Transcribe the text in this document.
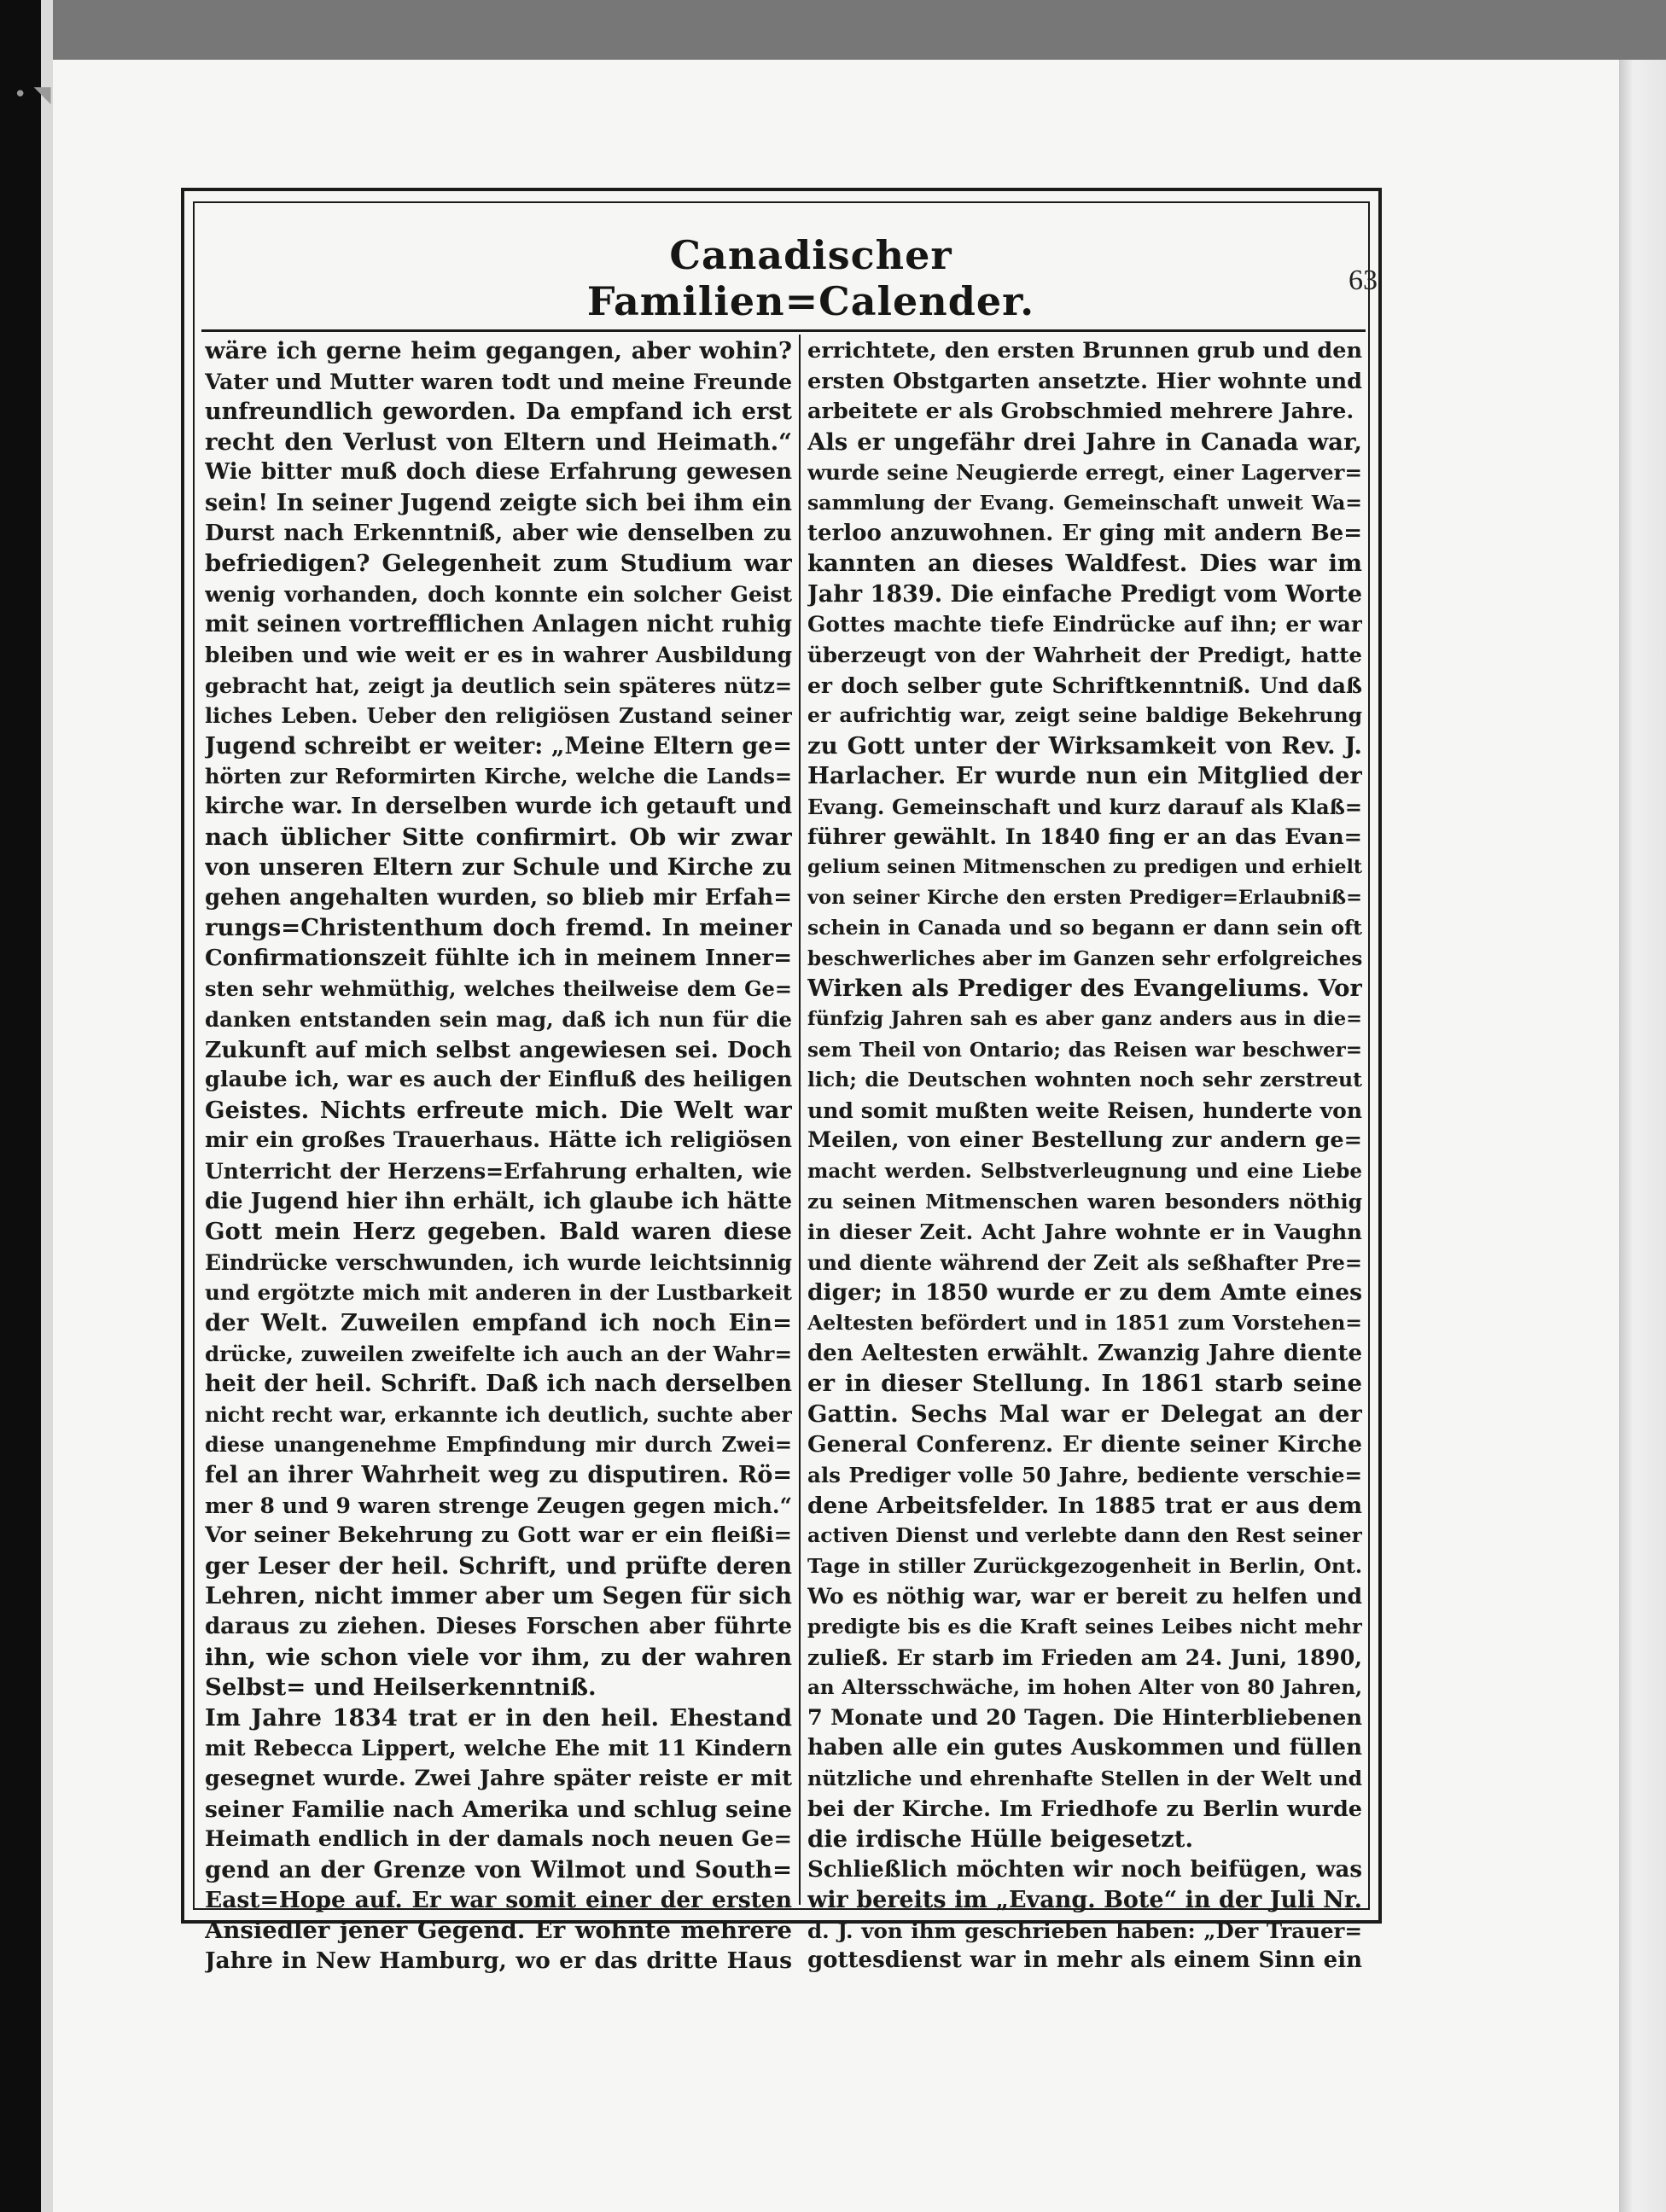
• ◥
Canadischer Familien=Calender.	63
wäre ich gerne heim gegangen, aber wohin?
Vater und Mutter waren todt und meine Freunde
unfreundlich geworden. Da empfand ich erst
recht den Verlust von Eltern und Heimath.“
Wie bitter muß doch diese Erfahrung gewesen
sein! In seiner Jugend zeigte sich bei ihm ein
Durst nach Erkenntniß, aber wie denselben zu
befriedigen? Gelegenheit zum Studium war
wenig vorhanden, doch konnte ein solcher Geist
mit seinen vortrefflichen Anlagen nicht ruhig
bleiben und wie weit er es in wahrer Ausbildung
gebracht hat, zeigt ja deutlich sein späteres nütz=
liches Leben. Ueber den religiösen Zustand seiner
Jugend schreibt er weiter: „Meine Eltern ge=
hörten zur Reformirten Kirche, welche die Lands=
kirche war. In derselben wurde ich getauft und
nach üblicher Sitte confirmirt. Ob wir zwar
von unseren Eltern zur Schule und Kirche zu
gehen angehalten wurden, so blieb mir Erfah=
rungs=Christenthum doch fremd. In meiner
Confirmationszeit fühlte ich in meinem Inner=
sten sehr wehmüthig, welches theilweise dem Ge=
danken entstanden sein mag, daß ich nun für die
Zukunft auf mich selbst angewiesen sei. Doch
glaube ich, war es auch der Einfluß des heiligen
Geistes. Nichts erfreute mich. Die Welt war
mir ein großes Trauerhaus. Hätte ich religiösen
Unterricht der Herzens=Erfahrung erhalten, wie
die Jugend hier ihn erhält, ich glaube ich hätte
Gott mein Herz gegeben. Bald waren diese
Eindrücke verschwunden, ich wurde leichtsinnig
und ergötzte mich mit anderen in der Lustbarkeit
der Welt. Zuweilen empfand ich noch Ein=
drücke, zuweilen zweifelte ich auch an der Wahr=
heit der heil. Schrift. Daß ich nach derselben
nicht recht war, erkannte ich deutlich, suchte aber
diese unangenehme Empfindung mir durch Zwei=
fel an ihrer Wahrheit weg zu disputiren. Rö=
mer 8 und 9 waren strenge Zeugen gegen mich.“
Vor seiner Bekehrung zu Gott war er ein fleißi=
ger Leser der heil. Schrift, und prüfte deren
Lehren, nicht immer aber um Segen für sich
daraus zu ziehen. Dieses Forschen aber führte
ihn, wie schon viele vor ihm, zu der wahren
Selbst= und Heilserkenntniß.
Im Jahre 1834 trat er in den heil. Ehestand
mit Rebecca Lippert, welche Ehe mit 11 Kindern
gesegnet wurde. Zwei Jahre später reiste er mit
seiner Familie nach Amerika und schlug seine
Heimath endlich in der damals noch neuen Ge=
gend an der Grenze von Wilmot und South=
East=Hope auf. Er war somit einer der ersten
Ansiedler jener Gegend. Er wohnte mehrere
Jahre in New Hamburg, wo er das dritte Haus
errichtete, den ersten Brunnen grub und den
ersten Obstgarten ansetzte. Hier wohnte und
arbeitete er als Grobschmied mehrere Jahre.
Als er ungefähr drei Jahre in Canada war,
wurde seine Neugierde erregt, einer Lagerver=
sammlung der Evang. Gemeinschaft unweit Wa=
terloo anzuwohnen. Er ging mit andern Be=
kannten an dieses Waldfest. Dies war im
Jahr 1839. Die einfache Predigt vom Worte
Gottes machte tiefe Eindrücke auf ihn; er war
überzeugt von der Wahrheit der Predigt, hatte
er doch selber gute Schriftkenntniß. Und daß
er aufrichtig war, zeigt seine baldige Bekehrung
zu Gott unter der Wirksamkeit von Rev. J.
Harlacher. Er wurde nun ein Mitglied der
Evang. Gemeinschaft und kurz darauf als Klaß=
führer gewählt. In 1840 fing er an das Evan=
gelium seinen Mitmenschen zu predigen und erhielt
von seiner Kirche den ersten Prediger=Erlaubniß=
schein in Canada und so begann er dann sein oft
beschwerliches aber im Ganzen sehr erfolgreiches
Wirken als Prediger des Evangeliums. Vor
fünfzig Jahren sah es aber ganz anders aus in die=
sem Theil von Ontario; das Reisen war beschwer=
lich; die Deutschen wohnten noch sehr zerstreut
und somit mußten weite Reisen, hunderte von
Meilen, von einer Bestellung zur andern ge=
macht werden. Selbstverleugnung und eine Liebe
zu seinen Mitmenschen waren besonders nöthig
in dieser Zeit. Acht Jahre wohnte er in Vaughn
und diente während der Zeit als seßhafter Pre=
diger; in 1850 wurde er zu dem Amte eines
Aeltesten befördert und in 1851 zum Vorstehen=
den Aeltesten erwählt. Zwanzig Jahre diente
er in dieser Stellung. In 1861 starb seine
Gattin. Sechs Mal war er Delegat an der
General Conferenz. Er diente seiner Kirche
als Prediger volle 50 Jahre, bediente verschie=
dene Arbeitsfelder. In 1885 trat er aus dem
activen Dienst und verlebte dann den Rest seiner
Tage in stiller Zurückgezogenheit in Berlin, Ont.
Wo es nöthig war, war er bereit zu helfen und
predigte bis es die Kraft seines Leibes nicht mehr
zuließ. Er starb im Frieden am 24. Juni, 1890,
an Altersschwäche, im hohen Alter von 80 Jahren,
7 Monate und 20 Tagen. Die Hinterbliebenen
haben alle ein gutes Auskommen und füllen
nützliche und ehrenhafte Stellen in der Welt und
bei der Kirche. Im Friedhofe zu Berlin wurde
die irdische Hülle beigesetzt.
Schließlich möchten wir noch beifügen, was
wir bereits im „Evang. Bote“ in der Juli Nr.
d. J. von ihm geschrieben haben: „Der Trauer=
gottesdienst war in mehr als einem Sinn ein
